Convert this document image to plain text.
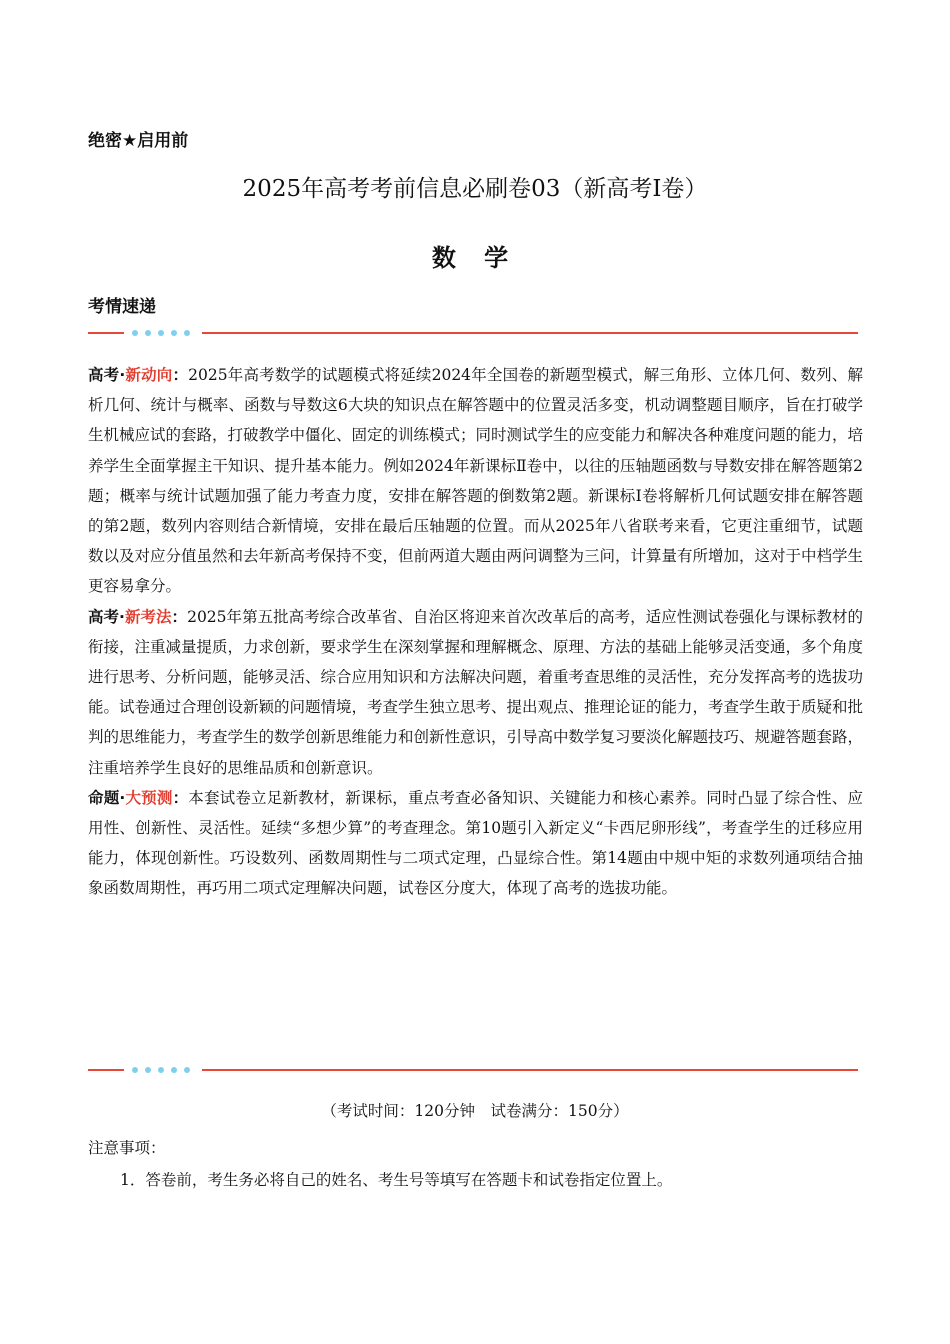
绝密★启用前
2025年高考考前信息必刷卷03（新高考Ⅰ卷）
数 学
考情速递

高考·新动向：2025年高考数学的试题模式将延续2024年全国卷的新题型模式，解三角形、立体几何、数列、解析几何、统计与概率、函数与导数这6大块的知识点在解答题中的位置灵活多变，机动调整题目顺序，旨在打破学生机械应试的套路，打破教学中僵化、固定的训练模式；同时测试学生的应变能力和解决各种难度问题的能力，培养学生全面掌握主干知识、提升基本能力。例如2024年新课标Ⅱ卷中，以往的压轴题函数与导数安排在解答题第2题；概率与统计试题加强了能力考查力度，安排在解答题的倒数第2题。新课标Ⅰ卷将解析几何试题安排在解答题的第2题，数列内容则结合新情境，安排在最后压轴题的位置。而从2025年八省联考来看，它更注重细节，试题数以及对应分值虽然和去年新高考保持不变，但前两道大题由两问调整为三问，计算量有所增加，这对于中档学生更容易拿分。

高考·新考法：2025年第五批高考综合改革省、自治区将迎来首次改革后的高考，适应性测试卷强化与课标教材的衔接，注重减量提质，力求创新，要求学生在深刻掌握和理解概念、原理、方法的基础上能够灵活变通，多个角度进行思考、分析问题，能够灵活、综合应用知识和方法解决问题，着重考查思维的灵活性，充分发挥高考的选拔功能。试卷通过合理创设新颖的问题情境，考查学生独立思考、提出观点、推理论证的能力，考查学生敢于质疑和批判的思维能力，考查学生的数学创新思维能力和创新性意识，引导高中数学复习要淡化解题技巧、规避答题套路，注重培养学生良好的思维品质和创新意识。

命题·大预测：本套试卷立足新教材，新课标，重点考查必备知识、关键能力和核心素养。同时凸显了综合性、应用性、创新性、灵活性。延续“多想少算”的考查理念。第10题引入新定义“卡西尼卵形线”，考查学生的迁移应用能力，体现创新性。巧设数列、函数周期性与二项式定理，凸显综合性。第14题由中规中矩的求数列通项结合抽象函数周期性，再巧用二项式定理解决问题，试卷区分度大，体现了高考的选拔功能。

（考试时间：120分钟　试卷满分：150分）
注意事项：
1．答卷前，考生务必将自己的姓名、考生号等填写在答题卡和试卷指定位置上。
